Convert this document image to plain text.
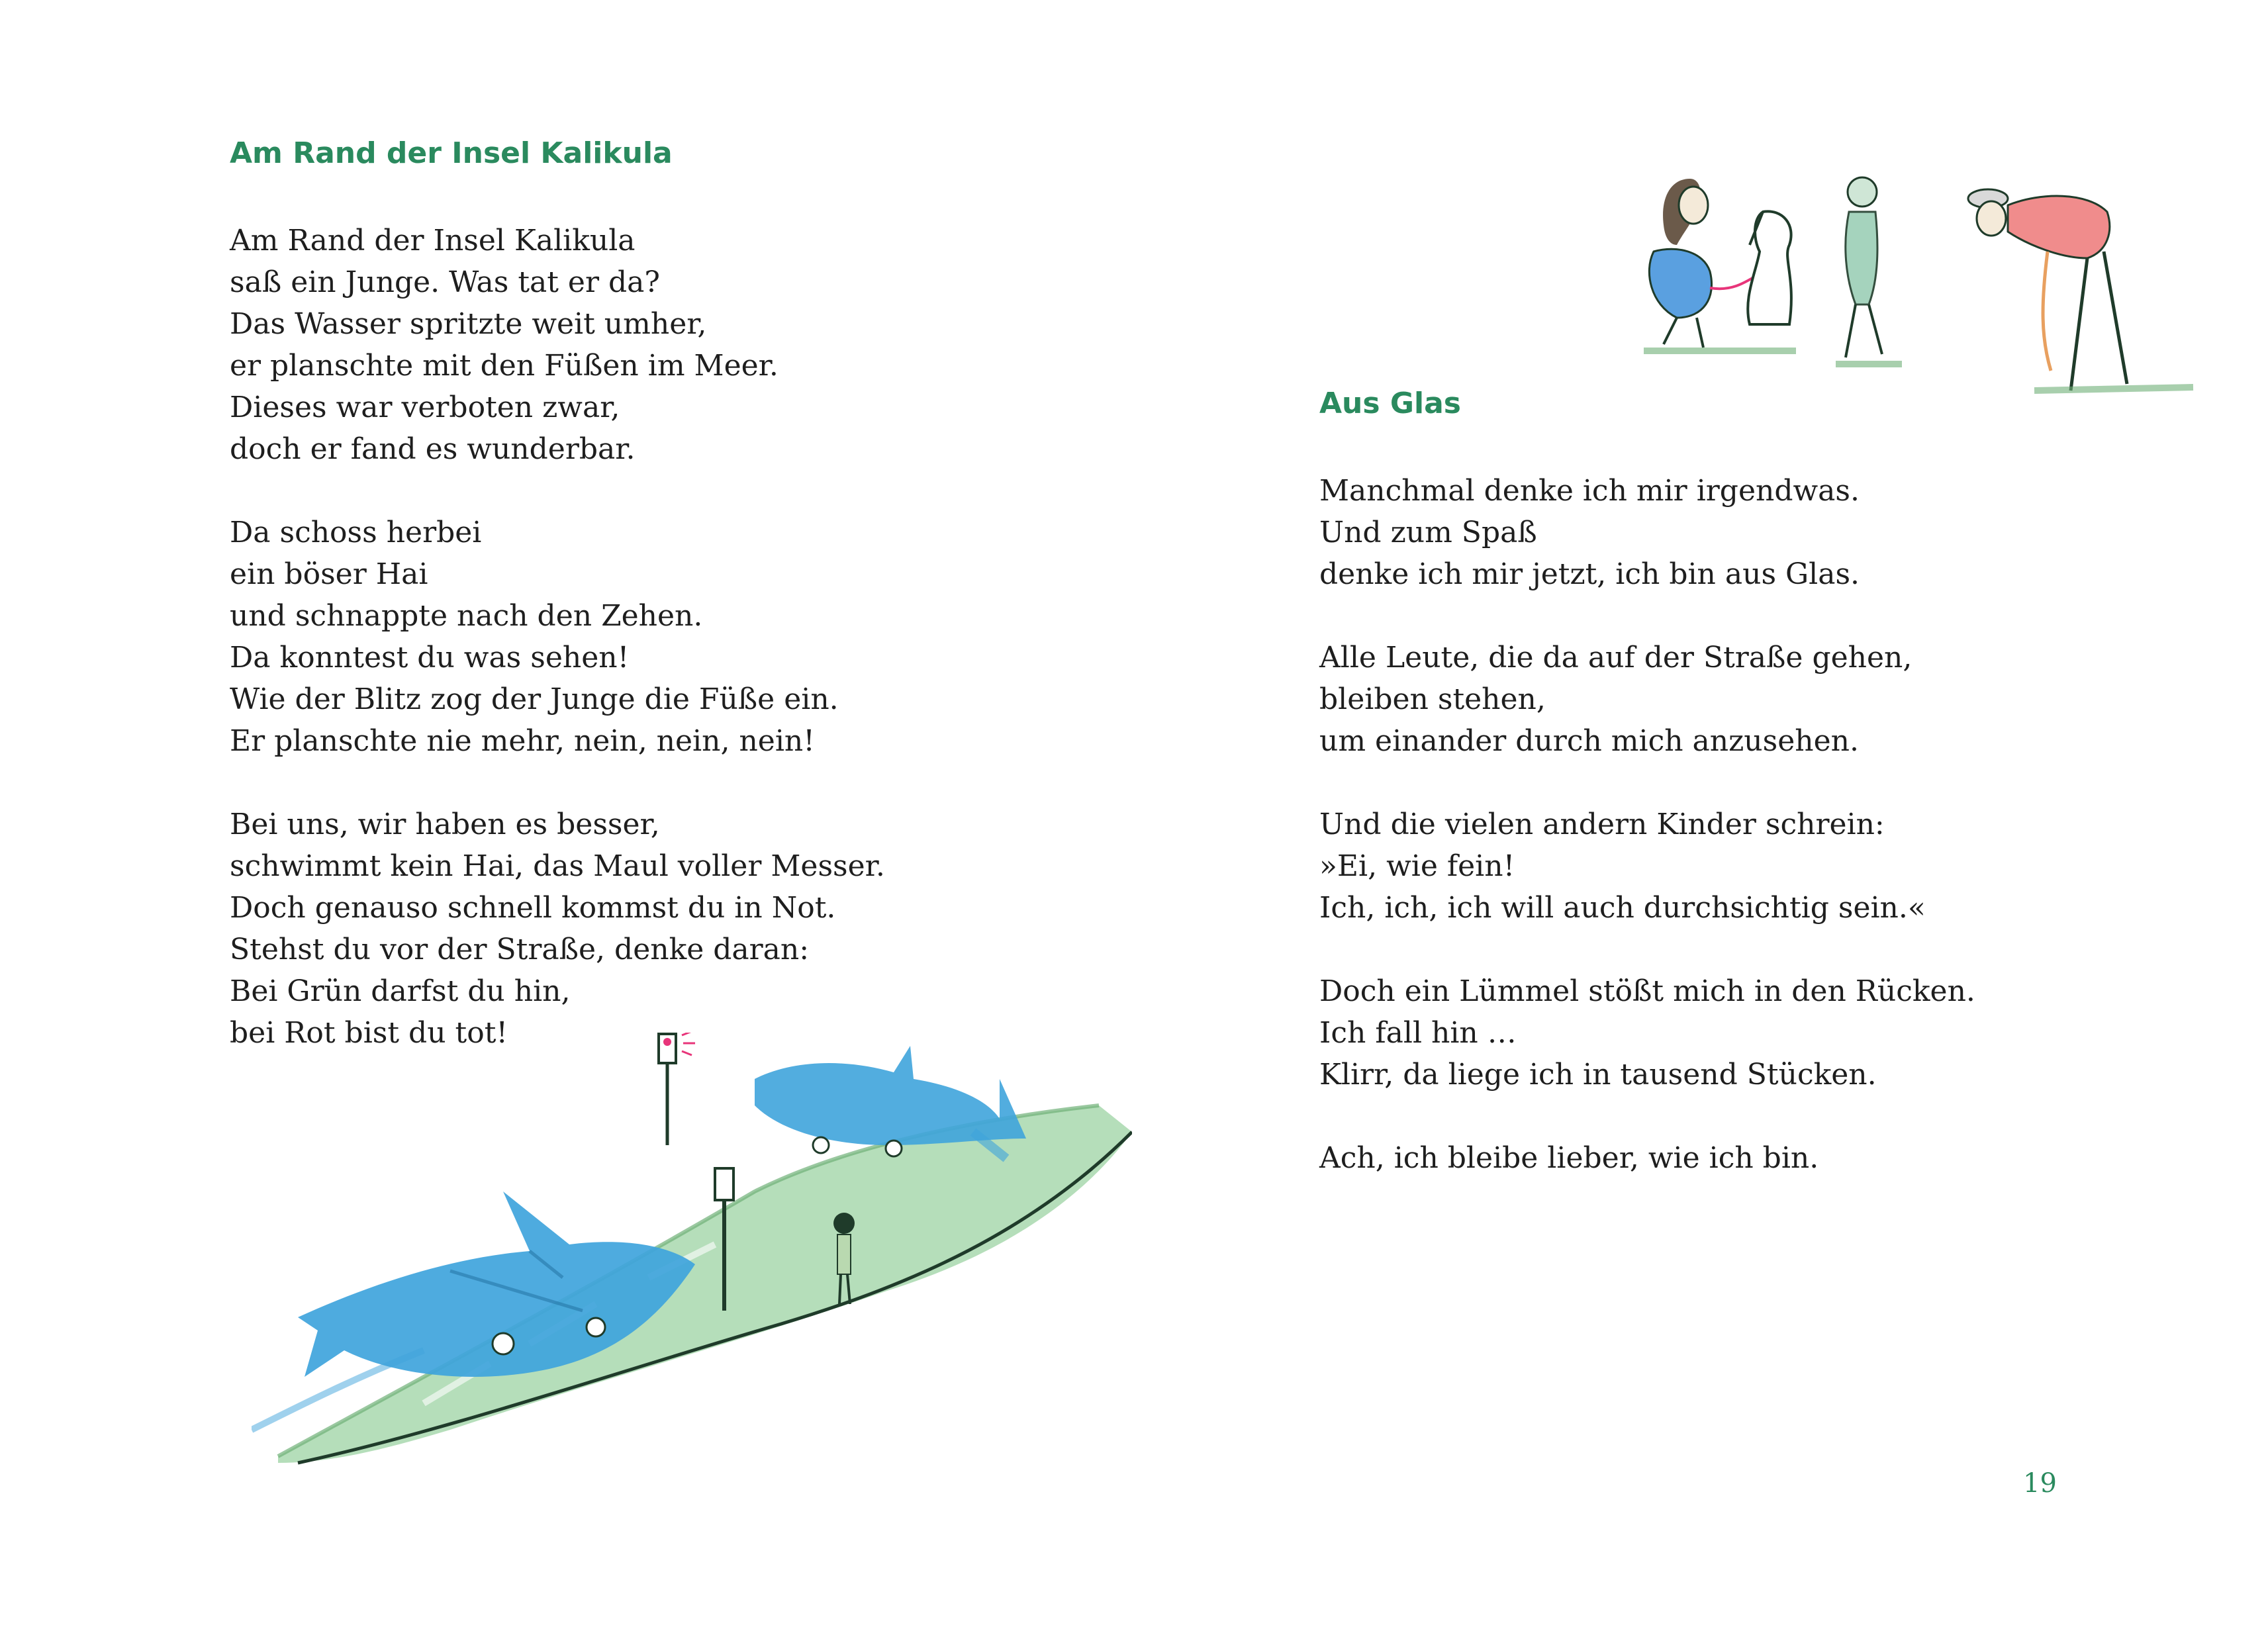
Am Rand der Insel Kalikula

Am Rand der Insel Kalikula
saß ein Junge. Was tat er da?
Das Wasser spritzte weit umher,
er planschte mit den Füßen im Meer.
Dieses war verboten zwar,
doch er fand es wunderbar.

Da schoss herbei
ein böser Hai
und schnappte nach den Zehen.
Da konntest du was sehen!
Wie der Blitz zog der Junge die Füße ein.
Er planschte nie mehr, nein, nein, nein!

Bei uns, wir haben es besser,
schwimmt kein Hai, das Maul voller Messer.
Doch genauso schnell kommst du in Not.
Stehst du vor der Straße, denke daran:
Bei Grün darfst du hin,
bei Rot bist du tot!

Aus Glas

Manchmal denke ich mir irgendwas.
Und zum Spaß
denke ich mir jetzt, ich bin aus Glas.

Alle Leute, die da auf der Straße gehen,
bleiben stehen,
um einander durch mich anzusehen.

Und die vielen andern Kinder schrein:
»Ei, wie fein!
Ich, ich, ich will auch durchsichtig sein.«

Doch ein Lümmel stößt mich in den Rücken.
Ich fall hin …
Klirr, da liege ich in tausend Stücken.

Ach, ich bleibe lieber, wie ich bin.

19
